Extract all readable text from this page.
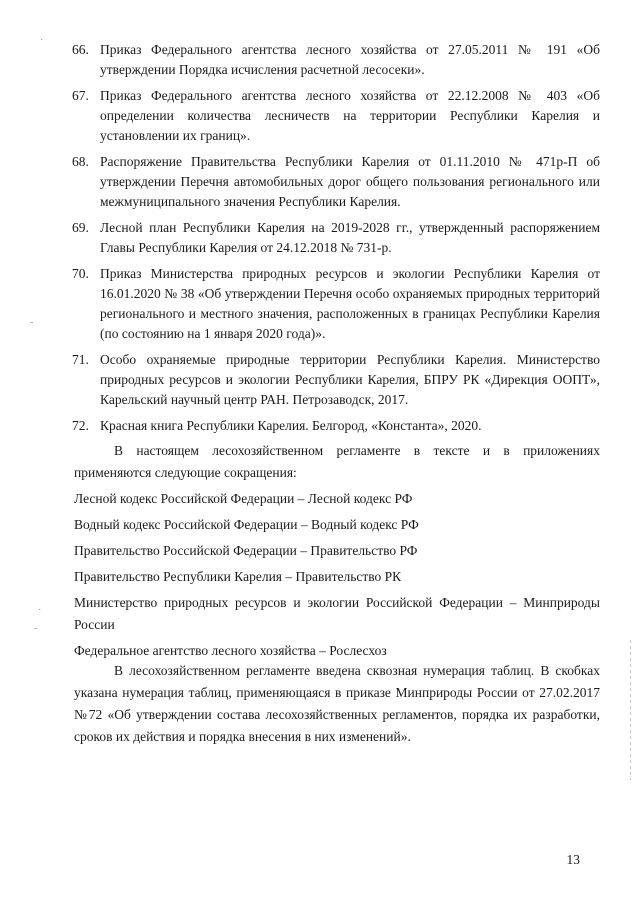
·
-
·
-
66. Приказ Федерального агентства лесного хозяйства от 27.05.2011 № 191 «Об утверждении Порядка исчисления расчетной лесосеки».
67. Приказ Федерального агентства лесного хозяйства от 22.12.2008 № 403 «Об определении количества лесничеств на территории Республики Карелия и установлении их границ».
68. Распоряжение Правительства Республики Карелия от 01.11.2010 № 471р-П об утверждении Перечня автомобильных дорог общего пользования регионального или межмуниципального значения Республики Карелия.
69. Лесной план Республики Карелия на 2019-2028 гг., утвержденный распоряжением Главы Республики Карелия от 24.12.2018 № 731-р.
70. Приказ Министерства природных ресурсов и экологии Республики Карелия от 16.01.2020 № 38 «Об утверждении Перечня особо охраняемых природных территорий регионального и местного значения, расположенных в границах Республики Карелия (по состоянию на 1 января 2020 года)».
71. Особо охраняемые природные территории Республики Карелия. Министерство природных ресурсов и экологии Республики Карелия, БПРУ РК «Дирекция ООПТ», Карельский научный центр РАН. Петрозаводск, 2017.
72. Красная книга Республики Карелия. Белгород, «Константа», 2020.

В настоящем лесохозяйственном регламенте в тексте и в приложениях применяются следующие сокращения:

Лесной кодекс Российской Федерации – Лесной кодекс РФ

Водный кодекс Российской Федерации – Водный кодекс РФ

Правительство Российской Федерации – Правительство РФ

Правительство Республики Карелия – Правительство РК

Министерство природных ресурсов и экологии Российской Федерации – Минприроды России

Федеральное агентство лесного хозяйства – Рослесхоз

В лесохозяйственном регламенте введена сквозная нумерация таблиц. В скобках указана нумерация таблиц, применяющаяся в приказе Минприроды России от 27.02.2017 №72 «Об утверждении состава лесохозяйственных регламентов, порядка их разработки, сроков их действия и порядка внесения в них изменений».

13
